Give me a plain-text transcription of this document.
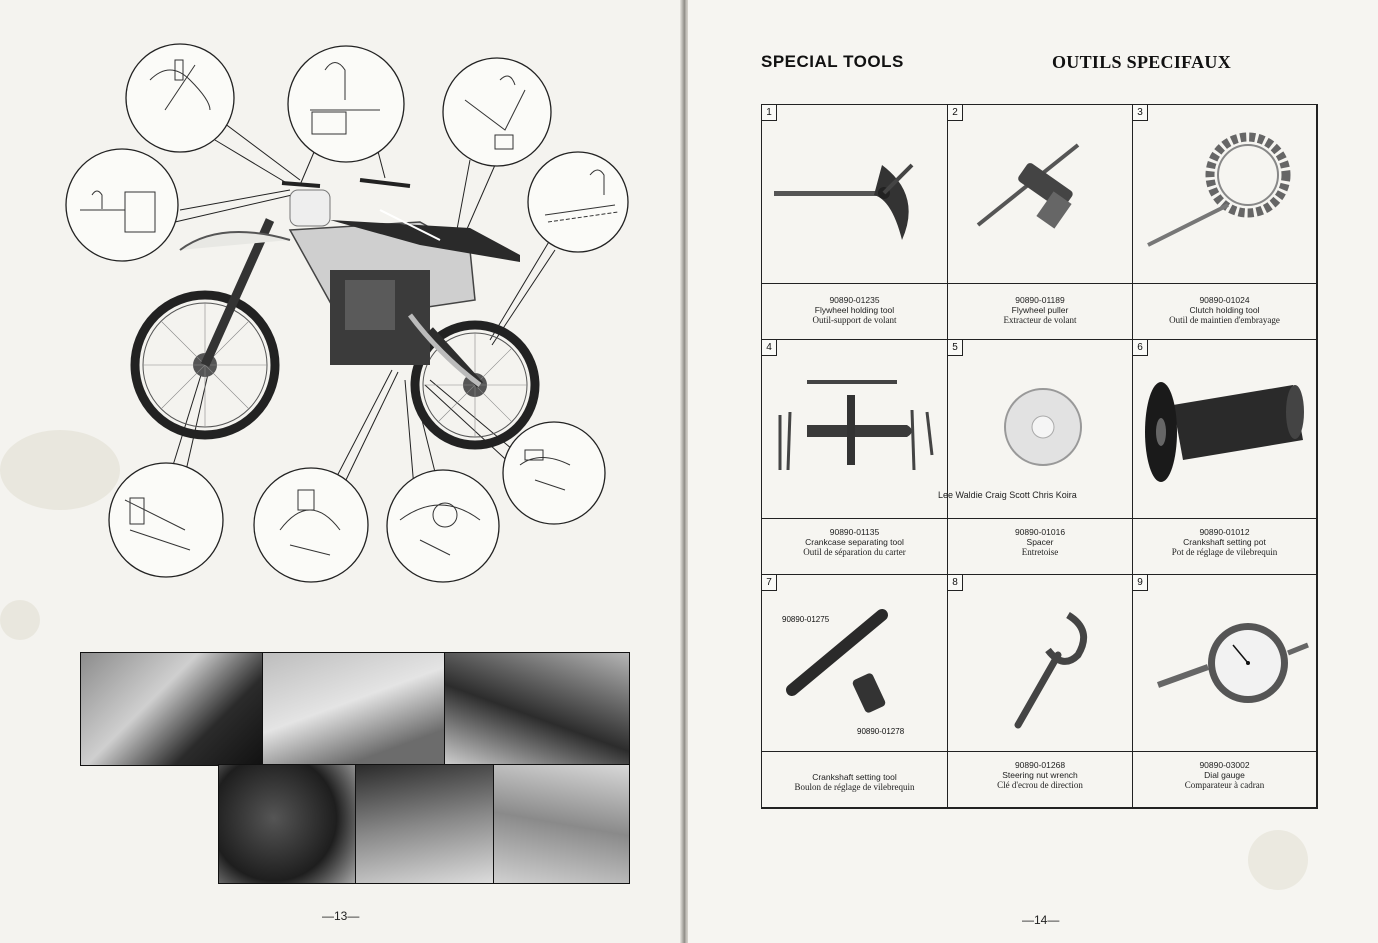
—13—
SPECIAL TOOLS	OUTILS SPECIFAUX
1
90890-01235
Flywheel holding tool
Outil-support de volant
2
90890-01189
Flywheel puller
Extracteur de volant
3
90890-01024
Clutch holding tool
Outil de maintien d'embrayage
4
90890-01135
Crankcase separating tool
Outil de séparation du carter
5
90890-01016
Spacer
Entretoise
6
90890-01012
Crankshaft setting pot
Pot de réglage de vilebrequin
7
90890-01275
90890-01278
Crankshaft setting tool
Boulon de réglage de vilebrequin
8
90890-01268
Steering nut wrench
Clé d'ecrou de direction
9
90890-03002
Dial gauge
Comparateur à cadran
Lee Waldie Craig Scott Chris Koira
—14—
